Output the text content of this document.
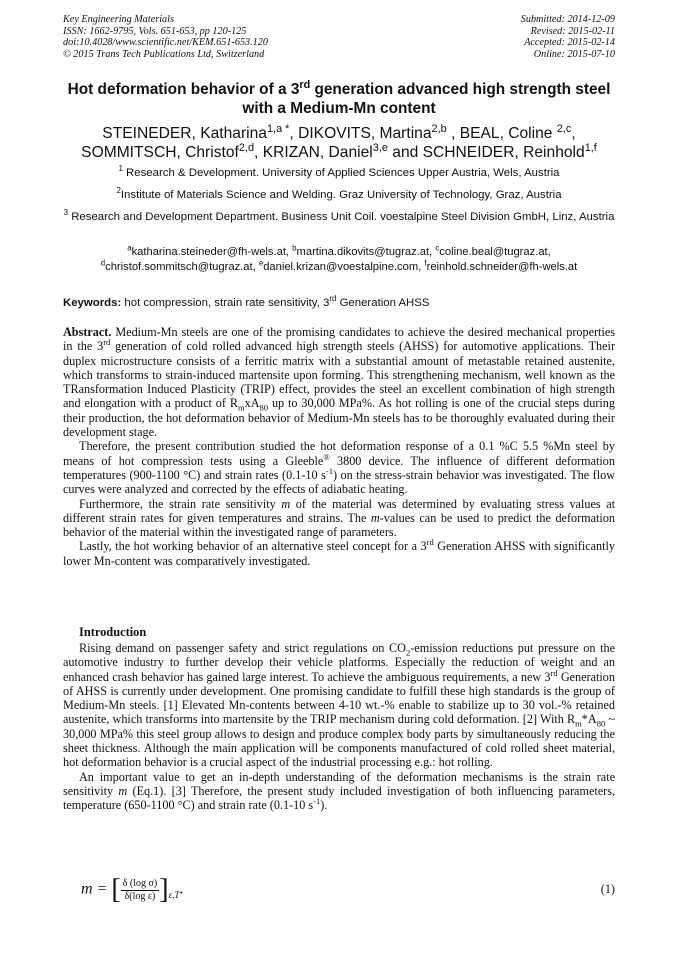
Key Engineering Materials
ISSN: 1662-9795, Vols. 651-653, pp 120-125
doi:10.4028/www.scientific.net/KEM.651-653.120
© 2015 Trans Tech Publications Ltd, Switzerland
Submitted: 2014-12-09
Revised: 2015-02-11
Accepted: 2015-02-14
Online: 2015-07-10
Hot deformation behavior of a 3rd generation advanced high strength steel with a Medium-Mn content
STEINEDER, Katharina$^{1,a *}$, DIKOVITS, Martina$^{2,b}$ , BEAL, Coline $^{2,c}$, SOMMITSCH, Christof$^{2,d}$, KRIZAN, Daniel$^{3,e}$ and SCHNEIDER, Reinhold$^{1,f}$
$^1$ Research & Development. University of Applied Sciences Upper Austria, Wels, Austria
$^2$Institute of Materials Science and Welding. Graz University of Technology, Graz, Austria
$^3$ Research and Development Department. Business Unit Coil. voestalpine Steel Division GmbH, Linz, Austria
$^a$katharina.steineder@fh-wels.at, $^b$martina.dikovits@tugraz.at, $^c$coline.beal@tugraz.at,
$^d$christof.sommitsch@tugraz.at, $^e$daniel.krizan@voestalpine.com, $^f$reinhold.schneider@fh-wels.at
Keywords: hot compression, strain rate sensitivity, 3rd Generation AHSS

Abstract. Medium-Mn steels are one of the promising candidates to achieve the desired mechanical properties in the 3rd generation of cold rolled advanced high strength steels (AHSS) for automotive applications. Their duplex microstructure consists of a ferritic matrix with a substantial amount of metastable retained austenite, which transforms to strain-induced martensite upon forming. This strengthening mechanism, well known as the TRansformation Induced Plasticity (TRIP) effect, provides the steel an excellent combination of high strength and elongation with a product of $R_mxA_{80}$ up to 30,000 MPa%. As hot rolling is one of the crucial steps during their production, the hot deformation behavior of Medium-Mn steels has to be thoroughly evaluated during their development stage.

Therefore, the present contribution studied the hot deformation response of a 0.1 %C 5.5 %Mn steel by means of hot compression tests using a Gleeble® 3800 device. The influence of different deformation temperatures (900-1100 °C) and strain rates (0.1-10 $s^{-1}$) on the stress-strain behavior was investigated. The flow curves were analyzed and corrected by the effects of adiabatic heating.

Furthermore, the strain rate sensitivity m of the material was determined by evaluating stress values at different strain rates for given temperatures and strains. The m-values can be used to predict the deformation behavior of the material within the investigated range of parameters.

Lastly, the hot working behavior of an alternative steel concept for a 3rd Generation AHSS with significantly lower Mn-content was comparatively investigated.

Introduction

Rising demand on passenger safety and strict regulations on $CO_2$-emission reductions put pressure on the automotive industry to further develop their vehicle platforms. Especially the reduction of weight and an enhanced crash behavior has gained large interest. To achieve the ambiguous requirements, a new 3rd Generation of AHSS is currently under development. One promising candidate to fulfill these high standards is the group of Medium-Mn steels. [1] Elevated Mn-contents between 4-10 wt.-% enable to stabilize up to 30 vol.-% retained austenite, which transforms into martensite by the TRIP mechanism during cold deformation. [2] With $R_m*A_{80}$ ~ 30,000 MPa% this steel group allows to design and produce complex body parts by simultaneously reducing the sheet thickness. Although the main application will be components manufactured of cold rolled sheet material, hot deformation behavior is a crucial aspect of the industrial processing e.g.: hot rolling.

An important value to get an in-depth understanding of the deformation mechanisms is the strain rate sensitivity m (Eq.1). [3] Therefore, the present study included investigation of both influencing parameters, temperature (650-1100 °C) and strain rate (0.1-10 $s^{-1}$).

m = [ $\frac{\text{δ (log σ)}}{\text{δ(log ε)}} ]_{\varepsilon,T}$.	(1)
